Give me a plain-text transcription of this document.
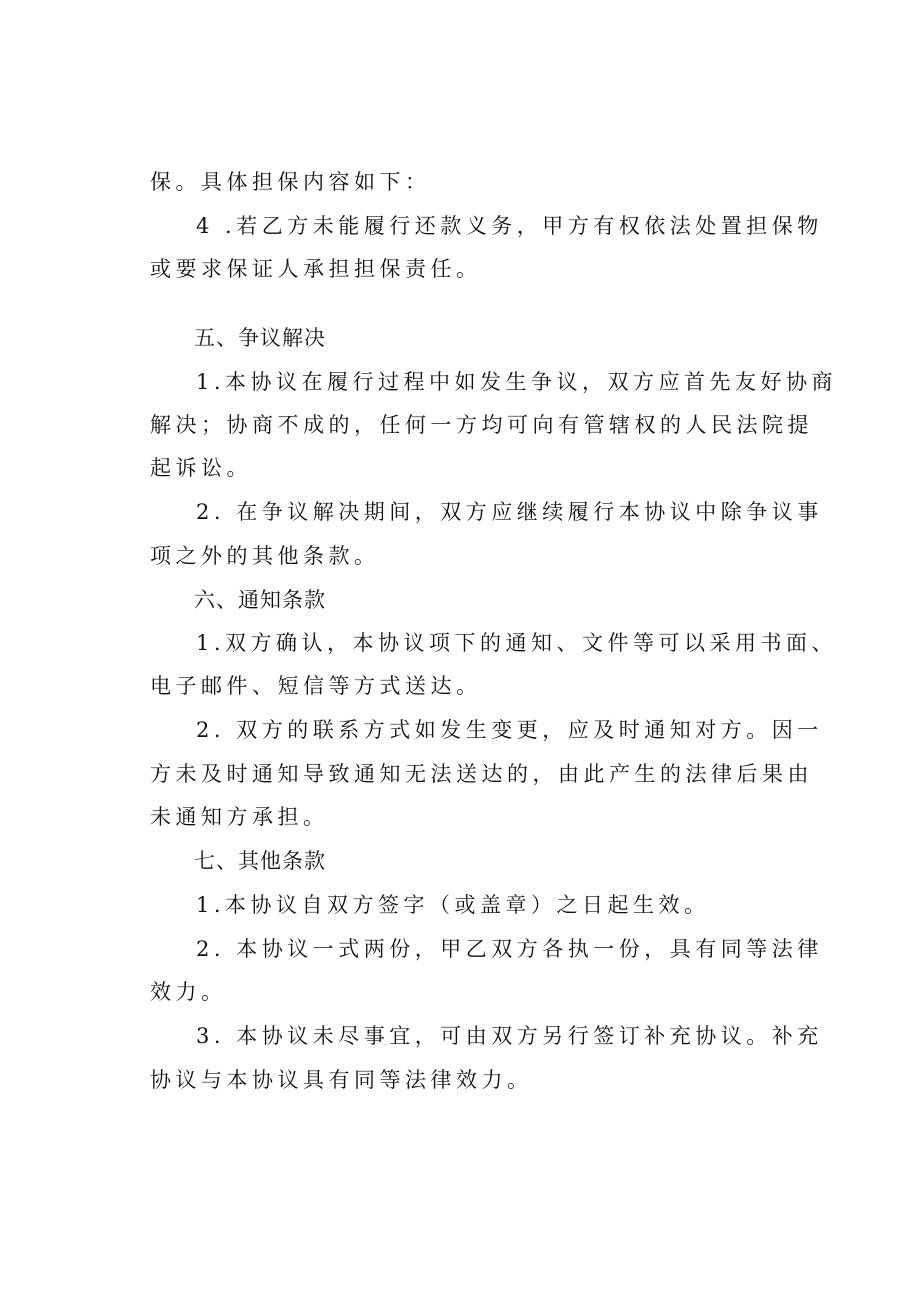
保。具体担保内容如下：
4 .若乙方未能履行还款义务，甲方有权依法处置担保物
或要求保证人承担担保责任。
五、争议解决
1.本协议在履行过程中如发生争议，双方应首先友好协商
解决；协商不成的，任何一方均可向有管辖权的人民法院提
起诉讼。
2. 在争议解决期间，双方应继续履行本协议中除争议事
项之外的其他条款。
六、通知条款
1.双方确认，本协议项下的通知、文件等可以采用书面、
电子邮件、短信等方式送达。
2. 双方的联系方式如发生变更，应及时通知对方。因一
方未及时通知导致通知无法送达的，由此产生的法律后果由
未通知方承担。
七、其他条款
1.本协议自双方签字（或盖章）之日起生效。
2. 本协议一式两份，甲乙双方各执一份，具有同等法律
效力。
3. 本协议未尽事宜，可由双方另行签订补充协议。补充
协议与本协议具有同等法律效力。
